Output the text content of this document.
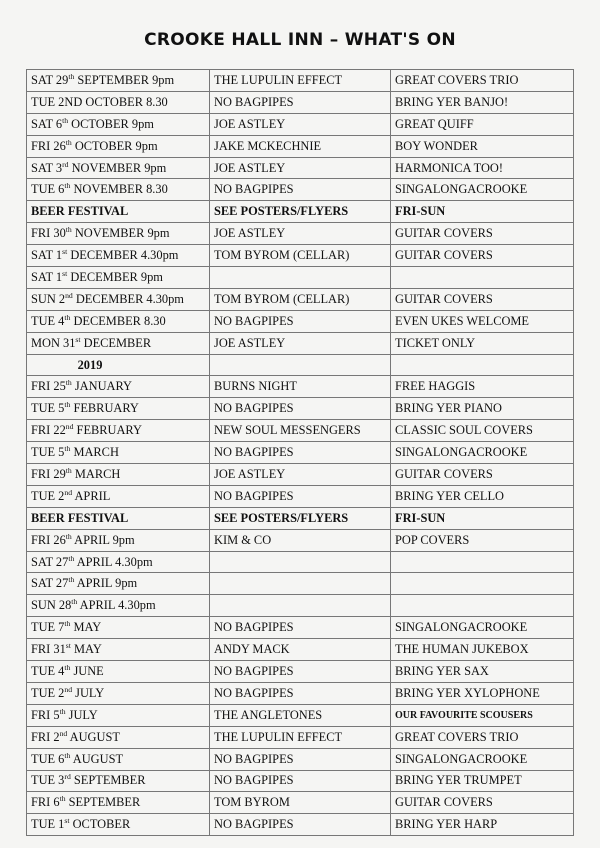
CROOKE HALL INN – WHAT'S ON
SAT 29th SEPTEMBER 9pm	THE LUPULIN EFFECT	GREAT COVERS TRIO
TUE 2ND OCTOBER 8.30	NO BAGPIPES	BRING YER BANJO!
SAT 6th OCTOBER 9pm	JOE ASTLEY	GREAT QUIFF
FRI 26th OCTOBER 9pm	JAKE MCKECHNIE	BOY WONDER
SAT 3rd NOVEMBER 9pm	JOE ASTLEY	HARMONICA TOO!
TUE 6th NOVEMBER 8.30	NO BAGPIPES	SINGALONGACROOKE
BEER FESTIVAL	SEE POSTERS/FLYERS	FRI-SUN
FRI 30th NOVEMBER 9pm	JOE ASTLEY	GUITAR COVERS
SAT 1st DECEMBER 4.30pm	TOM BYROM (CELLAR)	GUITAR COVERS
SAT 1st DECEMBER 9pm		
SUN 2nd DECEMBER 4.30pm	TOM BYROM (CELLAR)	GUITAR COVERS
TUE 4th DECEMBER 8.30	NO BAGPIPES	EVEN UKES WELCOME
MON 31st DECEMBER	JOE ASTLEY	TICKET ONLY
2019		
FRI 25th JANUARY	BURNS NIGHT	FREE HAGGIS
TUE 5th FEBRUARY	NO BAGPIPES	BRING YER PIANO
FRI 22nd FEBRUARY	NEW SOUL MESSENGERS	CLASSIC SOUL COVERS
TUE 5th MARCH	NO BAGPIPES	SINGALONGACROOKE
FRI 29th MARCH	JOE ASTLEY	GUITAR COVERS
TUE 2nd APRIL	NO BAGPIPES	BRING YER CELLO
BEER FESTIVAL	SEE POSTERS/FLYERS	FRI-SUN
FRI 26th APRIL 9pm	KIM & CO	POP COVERS
SAT 27th APRIL 4.30pm		
SAT 27th APRIL 9pm		
SUN 28th APRIL 4.30pm		
TUE 7th MAY	NO BAGPIPES	SINGALONGACROOKE
FRI 31st MAY	ANDY MACK	THE HUMAN JUKEBOX
TUE 4th JUNE	NO BAGPIPES	BRING YER SAX
TUE 2nd JULY	NO BAGPIPES	BRING YER XYLOPHONE
FRI 5th JULY	THE ANGLETONES	OUR FAVOURITE SCOUSERS
FRI 2nd AUGUST	THE LUPULIN EFFECT	GREAT COVERS TRIO
TUE 6th AUGUST	NO BAGPIPES	SINGALONGACROOKE
TUE 3rd SEPTEMBER	NO BAGPIPES	BRING YER TRUMPET
FRI 6th SEPTEMBER	TOM BYROM	GUITAR COVERS
TUE 1st OCTOBER	NO BAGPIPES	BRING YER HARP
